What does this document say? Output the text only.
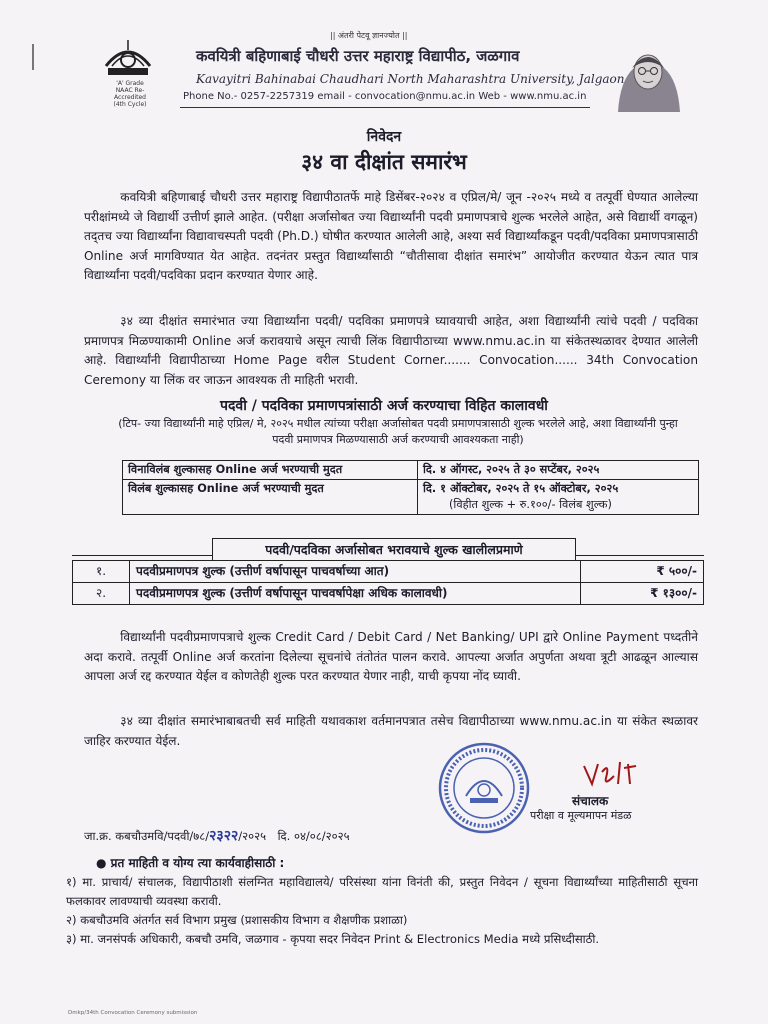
'A' Grade
NAAC Re-Accredited
(4th Cycle)
|| अंतरी पेटवू ज्ञानज्योत ||
कवयित्री बहिणाबाई चौधरी उत्तर महाराष्ट्र विद्यापीठ, जळगाव
Kavayitri Bahinabai Chaudhari North Maharashtra University, Jalgaon
Phone No.- 0257-2257319 email - convocation@nmu.ac.in Web - www.nmu.ac.in
निवेदन
३४ वा दीक्षांत समारंभ
   कवयित्री बहिणाबाई चौधरी उत्तर महाराष्ट्र विद्यापीठातर्फे माहे डिसेंबर-२०२४ व एप्रिल/मे/ जून -२०२५ मध्ये व तत्पूर्वी घेण्यात आलेल्या परीक्षांमध्ये जे विद्यार्थी उत्तीर्ण झाले आहेत. (परीक्षा अर्जासोबत ज्या विद्यार्थ्यांनी पदवी प्रमाणपत्राचे शुल्क भरलेले आहेत, असे विद्यार्थी वगळून) तद्तच ज्या विद्यार्थ्यांना विद्यावाचस्पती पदवी (Ph.D.) घोषीत करण्यात आलेली आहे, अश्या सर्व विद्यार्थ्यांकडून पदवी/पदविका प्रमाणपत्रासाठी Online अर्ज मागविण्यात येत आहेत. तदनंतर प्रस्तुत विद्यार्थ्यांसाठी “चौतीसावा दीक्षांत समारंभ” आयोजीत करण्यात येऊन त्यात पात्र विद्यार्थ्यांना पदवी/पदविका प्रदान करण्यात येणार आहे.
   ३४ व्या दीक्षांत समारंभात ज्या विद्यार्थ्यांना पदवी/ पदविका प्रमाणपत्रे घ्यावयाची आहेत, अशा विद्यार्थ्यांनी त्यांचे पदवी / पदविका प्रमाणपत्र मिळण्याकामी Online अर्ज करावयाचे असून त्याची लिंक विद्यापीठाच्या www.nmu.ac.in या संकेतस्थळावर देण्यात आलेली आहे. विद्यार्थ्यांनी विद्यापीठाच्या Home Page वरील Student Corner....... Convocation...... 34th Convocation Ceremony या लिंक वर जाऊन आवश्यक ती माहिती भरावी.
पदवी / पदविका प्रमाणपत्रांसाठी अर्ज करण्याचा विहित कालावधी
(टिप- ज्या विद्यार्थ्यांनी माहे एप्रिल/ मे, २०२५ मधील त्यांच्या परीक्षा अर्जासोबत पदवी प्रमाणपत्रासाठी शुल्क भरलेले आहे, अशा विद्यार्थ्यांनी पुन्हा पदवी प्रमाणपत्र मिळण्यासाठी अर्ज करण्याची आवश्यकता नाही)
विनाविलंब शुल्कासह Online अर्ज भरण्याची मुदत	दि. ४ ऑगस्ट, २०२५ ते ३० सप्टेंबर, २०२५
विलंब शुल्कासह Online अर्ज भरण्याची मुदत	दि. १ ऑक्टोबर, २०२५ ते १५ ऑक्टोबर, २०२५
(विहीत शुल्क + रु.१००/- विलंब शुल्क)
पदवी/पदविका अर्जासोबत भरावयाचे शुल्क खालीलप्रमाणे
१.	पदवीप्रमाणपत्र शुल्क (उत्तीर्ण वर्षापासून पाचवर्षाच्या आत)	₹ ५००/-
२.	पदवीप्रमाणपत्र शुल्क (उत्तीर्ण वर्षापासून पाचवर्षापेक्षा अधिक कालावधी)	₹ १३००/-
   विद्यार्थ्यांनी पदवीप्रमाणपत्राचे शुल्क Credit Card / Debit Card / Net Banking/ UPI द्वारे Online Payment पध्दतीने अदा करावे. तत्पूर्वी Online अर्ज करतांना दिलेल्या सूचनांचे तंतोतंत पालन करावे. आपल्या अर्जात अपुर्णता अथवा त्रूटी आढळून आल्यास आपला अर्ज रद्द करण्यात येईल व कोणतेही शुल्क परत करण्यात येणार नाही, याची कृपया नोंद घ्यावी.
   ३४ व्या दीक्षांत समारंभाबाबतची सर्व माहिती यथावकाश वर्तमानपत्रात तसेच विद्यापीठाच्या www.nmu.ac.in या संकेत स्थळावर जाहिर करण्यात येईल.
संचालक
परीक्षा व मूल्यमापन मंडळ
जा.क्र. कबचौउमवि/पदवी/७८/२३२२/२०२५  दि. ०४/०८/२०२५
● प्रत माहिती व योग्य त्या कार्यवाहीसाठी :
१) मा. प्राचार्य/ संचालक, विद्यापीठाशी संलग्नित महाविद्यालये/ परिसंस्था यांना विनंती की, प्रस्तुत निवेदन / सूचना विद्यार्थ्यांच्या माहितीसाठी सूचना फलकावर लावण्याची व्यवस्था करावी.
२) कबचौउमवि अंतर्गत सर्व विभाग प्रमुख (प्रशासकीय विभाग व शैक्षणीक प्रशाळा)
३) मा. जनसंपर्क अधिकारी, कबचौ उमवि, जळगाव - कृपया सदर निवेदन Print & Electronics Media मध्ये प्रसिध्दीसाठी.
Dmkp/34th Convocation Ceremony submission
